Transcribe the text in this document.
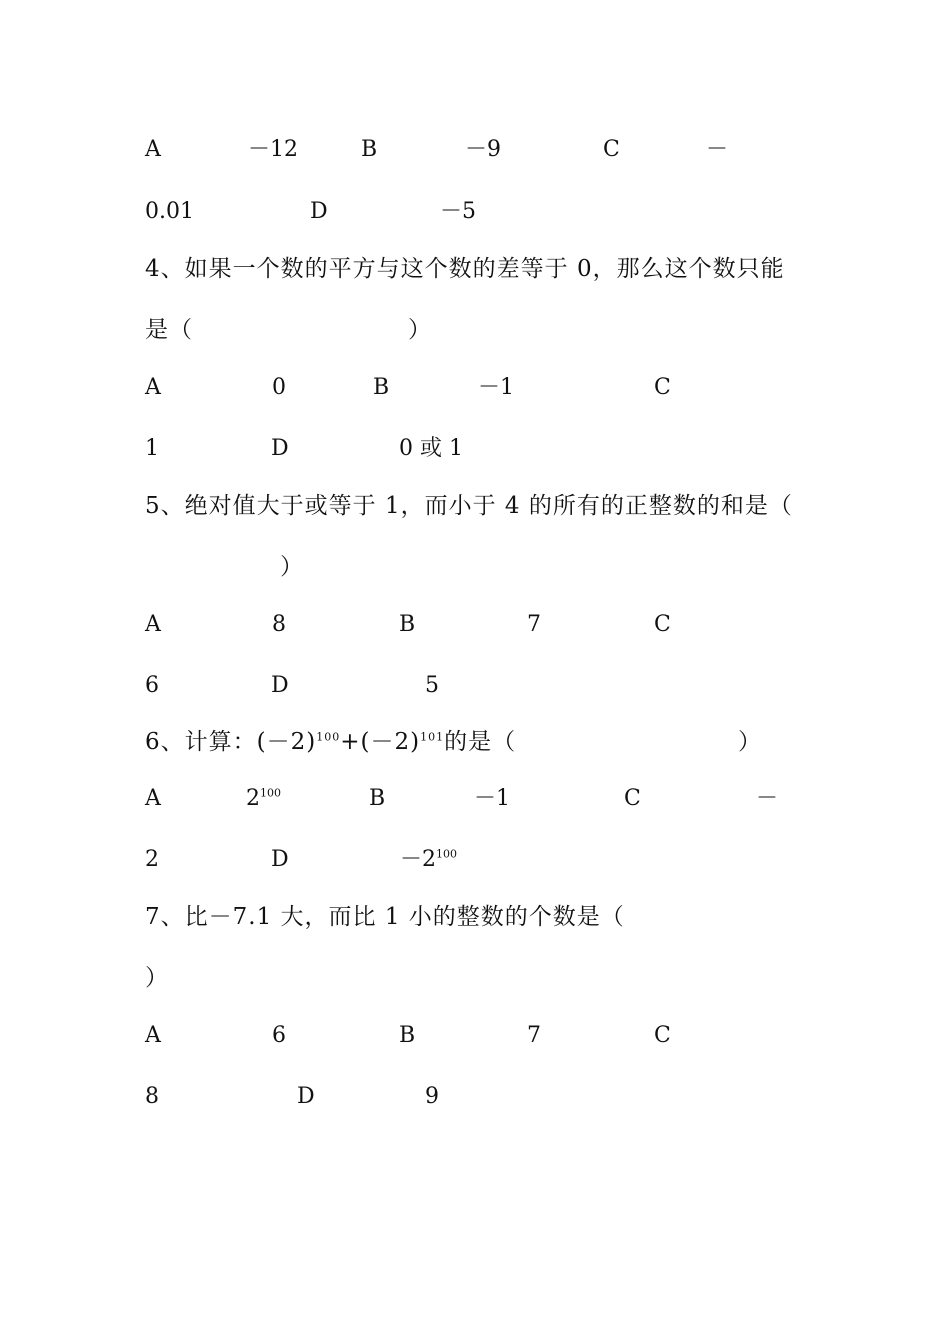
A	－12	B	－9	C	－
0.01	D	－5
4、如果一个数的平方与这个数的差等于 0，那么这个数只能
是（	）
A	0	B	－1	C
1	D	0 或 1
5、绝对值大于或等于 1，而小于 4 的所有的正整数的和是（
）
A	8	B	7	C
6	D	5
6、计算：$(-2)^{100}+(-2)^{101}$的是（	）
A	$2^{100}$	B	－1	C	－
2	D	$-2^{100}$
7、比－7.1 大，而比 1 小的整数的个数是（
）
A	6	B	7	C
8	D	9
